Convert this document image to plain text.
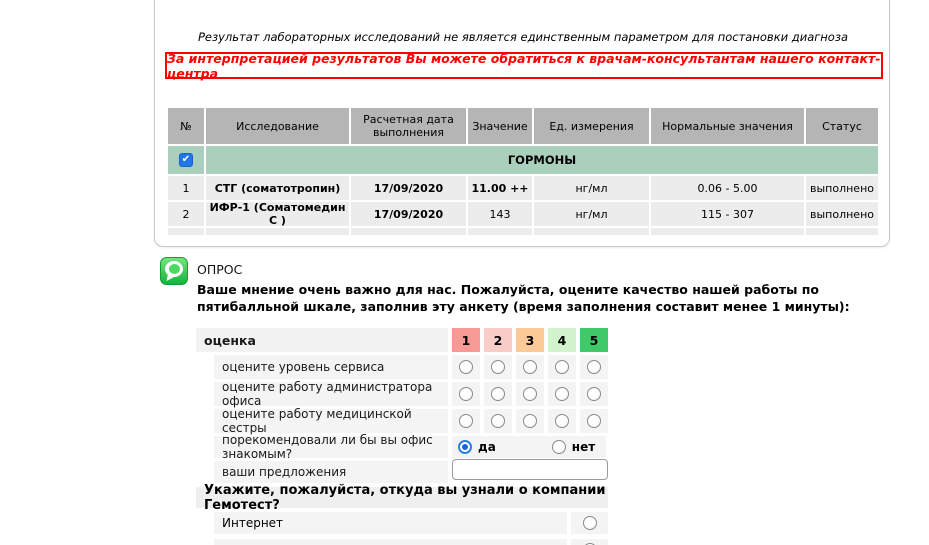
Результат лабораторных исследований не является единственным параметром для постановки диагноза
За интерпретацией результатов Вы можете обратиться к врачам-консультантам нашего контакт-центра
№	Исследование	Расчетная дата выполнения	Значение	Ед. измерения	Нормальные значения	Статус
✔	ГОРМОНЫ
1	СТГ (соматотропин)	17/09/2020	11.00 ++	нг/мл	0.06 - 5.00	выполнено
2	ИФР-1 (Соматомедин С )	17/09/2020	143	нг/мл	115 - 307	выполнено
ОПРОС
Ваше мнение очень важно для нас. Пожалуйста, оцените качество нашей работы по пятибалльной шкале, заполнив эту анкету (время заполнения составит менее 1 минуты):
оценка	1	2	3	4	5
оцените уровень сервиса
оцените работу администратора офиса
оцените работу медицинской сестры
порекомендовали ли бы вы офис знакомым?	да	нет
ваши предложения
Укажите, пожалуйста, откуда вы узнали о компании Гемотест?
Интернет
